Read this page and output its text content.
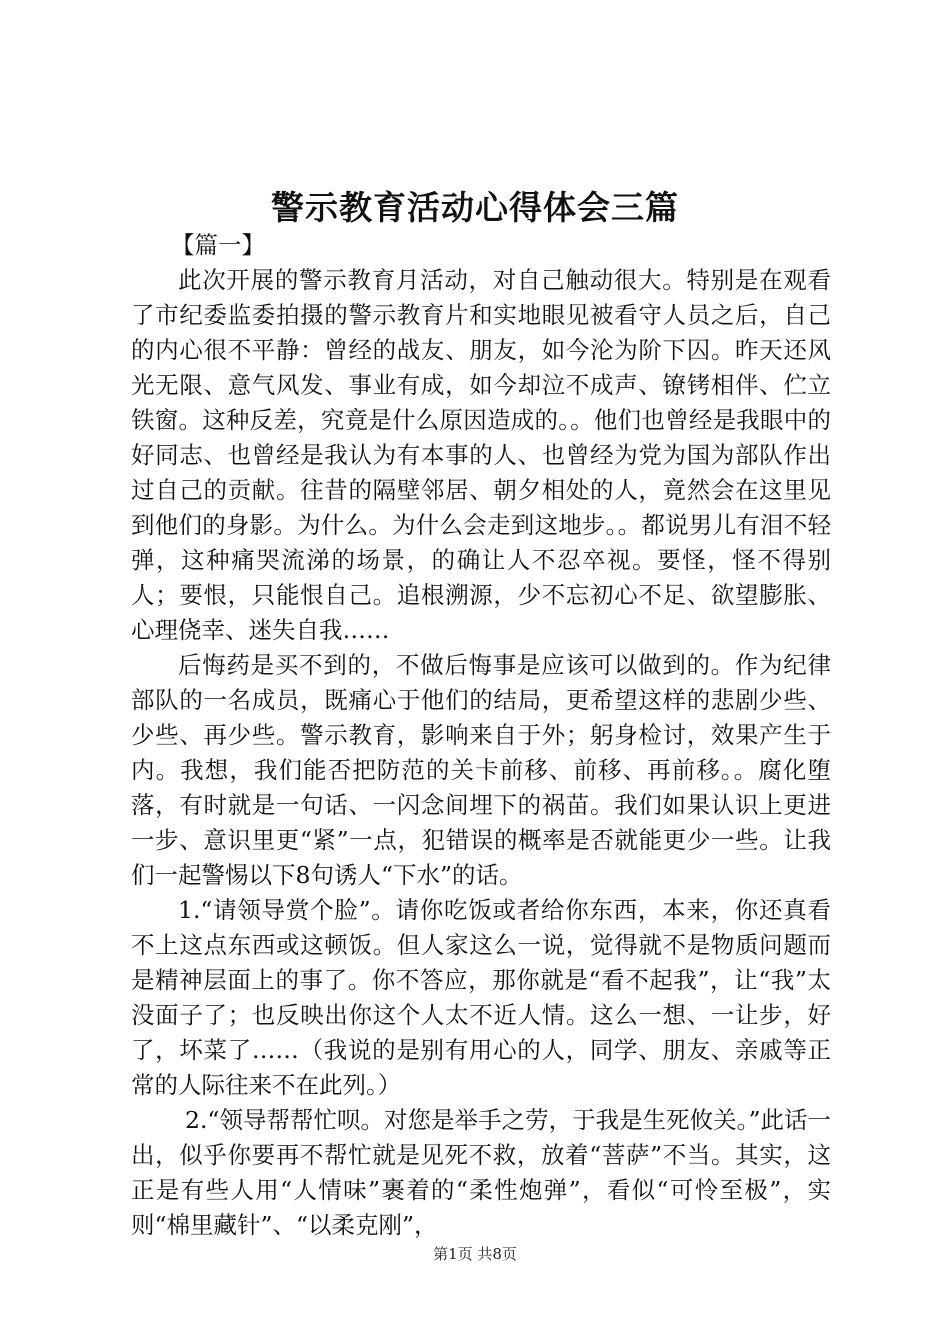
警示教育活动心得体会三篇

【篇一】

此次开展的警示教育月活动，对自己触动很大。特别是在观看了市纪委监委拍摄的警示教育片和实地眼见被看守人员之后，自己的内心很不平静：曾经的战友、朋友，如今沦为阶下囚。昨天还风光无限、意气风发、事业有成，如今却泣不成声、镣铐相伴、伫立铁窗。这种反差，究竟是什么原因造成的。。他们也曾经是我眼中的好同志、也曾经是我认为有本事的人、也曾经为党为国为部队作出过自己的贡献。往昔的隔壁邻居、朝夕相处的人，竟然会在这里见到他们的身影。为什么。为什么会走到这地步。。都说男儿有泪不轻弹，这种痛哭流涕的场景，的确让人不忍卒视。要怪，怪不得别人；要恨，只能恨自己。追根溯源，少不忘初心不足、欲望膨胀、心理侥幸、迷失自我……

后悔药是买不到的，不做后悔事是应该可以做到的。作为纪律部队的一名成员，既痛心于他们的结局，更希望这样的悲剧少些、少些、再少些。警示教育，影响来自于外；躬身检讨，效果产生于内。我想，我们能否把防范的关卡前移、前移、再前移。。腐化堕落，有时就是一句话、一闪念间埋下的祸苗。我们如果认识上更进一步、意识里更“紧”一点，犯错误的概率是否就能更少一些。让我们一起警惕以下8句诱人“下水”的话。

1.“请领导赏个脸”。请你吃饭或者给你东西，本来，你还真看不上这点东西或这顿饭。但人家这么一说，觉得就不是物质问题而是精神层面上的事了。你不答应，那你就是“看不起我”，让“我”太没面子了；也反映出你这个人太不近人情。这么一想、一让步，好了，坏菜了……（我说的是别有用心的人，同学、朋友、亲戚等正常的人际往来不在此列。）

2.“领导帮帮忙呗。对您是举手之劳，于我是生死攸关。”此话一出，似乎你要再不帮忙就是见死不救，放着“菩萨”不当。其实，这正是有些人用“人情味”裹着的“柔性炮弹”，看似“可怜至极”，实则“棉里藏针”、“以柔克刚”，

第1页 共8页
